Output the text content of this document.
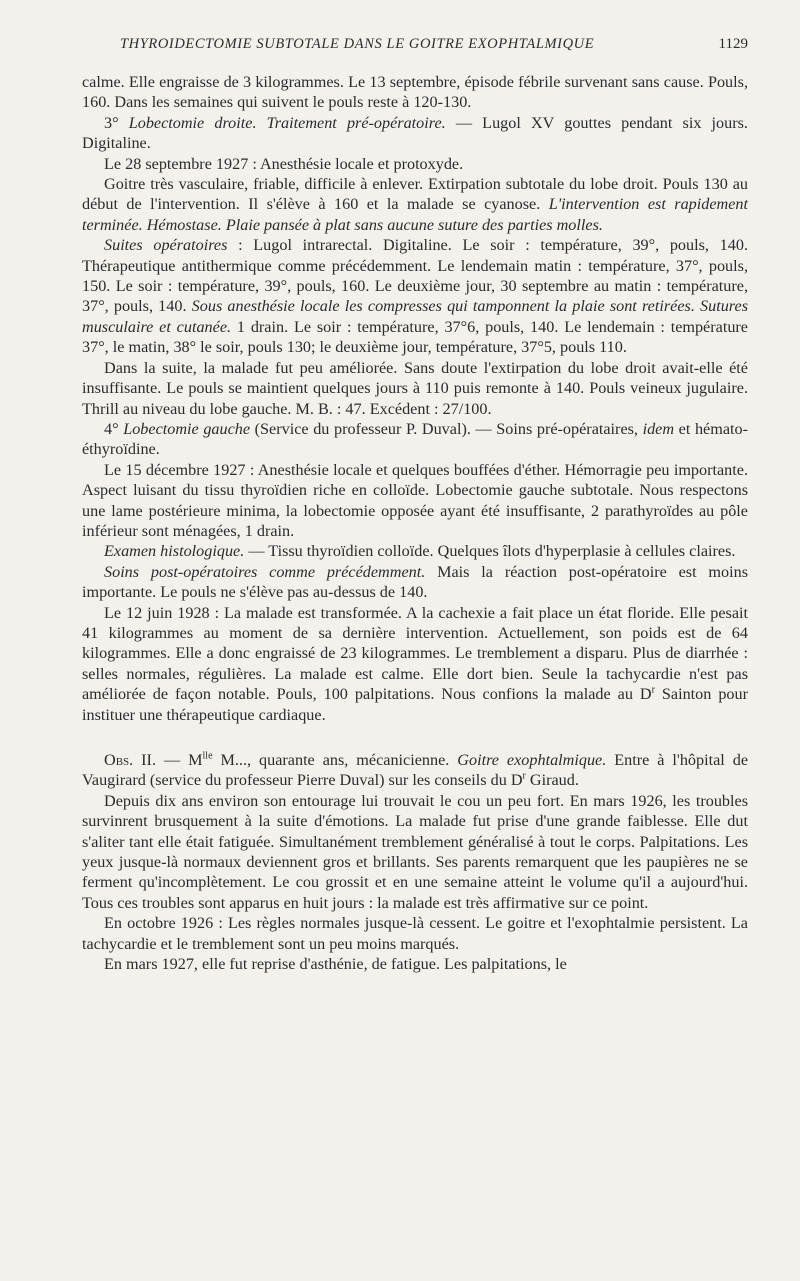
THYROIDECTOMIE SUBTOTALE DANS LE GOITRE EXOPHTALMIQUE	1129

calme. Elle engraisse de 3 kilogrammes. Le 13 septembre, épisode fébrile survenant sans cause. Pouls, 160. Dans les semaines qui suivent le pouls reste à 120-130.

3° Lobectomie droite. Traitement pré-opératoire. — Lugol XV gouttes pendant six jours. Digitaline.

Le 28 septembre 1927 : Anesthésie locale et protoxyde.

Goitre très vasculaire, friable, difficile à enlever. Extirpation subtotale du lobe droit. Pouls 130 au début de l'intervention. Il s'élève à 160 et la malade se cyanose. L'intervention est rapidement terminée. Hémostase. Plaie pansée à plat sans aucune suture des parties molles.

Suites opératoires : Lugol intrarectal. Digitaline. Le soir : température, 39°, pouls, 140. Thérapeutique antithermique comme précédemment. Le lendemain matin : température, 37°, pouls, 150. Le soir : température, 39°, pouls, 160. Le deuxième jour, 30 septembre au matin : température, 37°, pouls, 140. Sous anesthésie locale les compresses qui tamponnent la plaie sont retirées. Sutures musculaire et cutanée. 1 drain. Le soir : température, 37°6, pouls, 140. Le lendemain : température 37°, le matin, 38° le soir, pouls 130; le deuxième jour, température, 37°5, pouls 110.

Dans la suite, la malade fut peu améliorée. Sans doute l'extirpation du lobe droit avait-elle été insuffisante. Le pouls se maintient quelques jours à 110 puis remonte à 140. Pouls veineux jugulaire. Thrill au niveau du lobe gauche. M. B. : 47. Excédent : 27/100.

4° Lobectomie gauche (Service du professeur P. Duval). — Soins pré-opérataires, idem et hémato-éthyroïdine.

Le 15 décembre 1927 : Anesthésie locale et quelques bouffées d'éther. Hémorragie peu importante. Aspect luisant du tissu thyroïdien riche en colloïde. Lobectomie gauche subtotale. Nous respectons une lame postérieure minima, la lobectomie opposée ayant été insuffisante, 2 parathyroïdes au pôle inférieur sont ménagées, 1 drain.

Examen histologique. — Tissu thyroïdien colloïde. Quelques îlots d'hyperplasie à cellules claires.

Soins post-opératoires comme précédemment. Mais la réaction post-opératoire est moins importante. Le pouls ne s'élève pas au-dessus de 140.

Le 12 juin 1928 : La malade est transformée. A la cachexie a fait place un état floride. Elle pesait 41 kilogrammes au moment de sa dernière intervention. Actuellement, son poids est de 64 kilogrammes. Elle a donc engraissé de 23 kilogrammes. Le tremblement a disparu. Plus de diarrhée : selles normales, régulières. La malade est calme. Elle dort bien. Seule la tachycardie n'est pas améliorée de façon notable. Pouls, 100 palpitations. Nous confions la malade au $D^r$ Sainton pour instituer une thérapeutique cardiaque.

Obs. II. — $M^{lle}$ M..., quarante ans, mécanicienne. Goitre exophtalmique. Entre à l'hôpital de Vaugirard (service du professeur Pierre Duval) sur les conseils du $D^r$ Giraud.

Depuis dix ans environ son entourage lui trouvait le cou un peu fort. En mars 1926, les troubles survinrent brusquement à la suite d'émotions. La malade fut prise d'une grande faiblesse. Elle dut s'aliter tant elle était fatiguée. Simultanément tremblement généralisé à tout le corps. Palpitations. Les yeux jusque-là normaux deviennent gros et brillants. Ses parents remarquent que les paupières ne se ferment qu'incomplètement. Le cou grossit et en une semaine atteint le volume qu'il a aujourd'hui. Tous ces troubles sont apparus en huit jours : la malade est très affirmative sur ce point.

En octobre 1926 : Les règles normales jusque-là cessent. Le goitre et l'exophtalmie persistent. La tachycardie et le tremblement sont un peu moins marqués.

En mars 1927, elle fut reprise d'asthénie, de fatigue. Les palpitations, le
